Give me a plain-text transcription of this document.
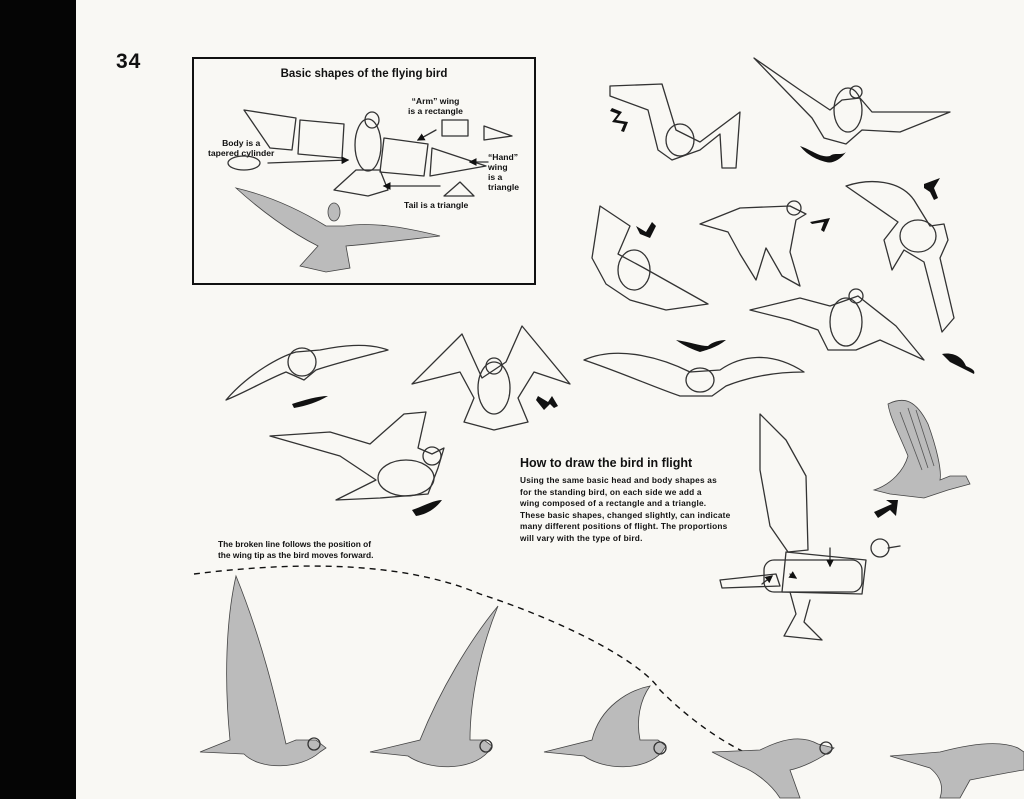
34
Basic shapes of the flying bird
“Arm” wing
is a rectangle
Body is a
tapered cylinder	“Hand”
wing
is a
triangle
Tail is a triangle
How to draw the bird in flight
Using the same basic head and body shapes as
for the standing bird, on each side we add a
wing composed of a rectangle and a triangle.
These basic shapes, changed slightly, can indicate
many different positions of flight. The proportions
will vary with the type of bird.
The broken line follows the position of
the wing tip as the bird moves forward.
